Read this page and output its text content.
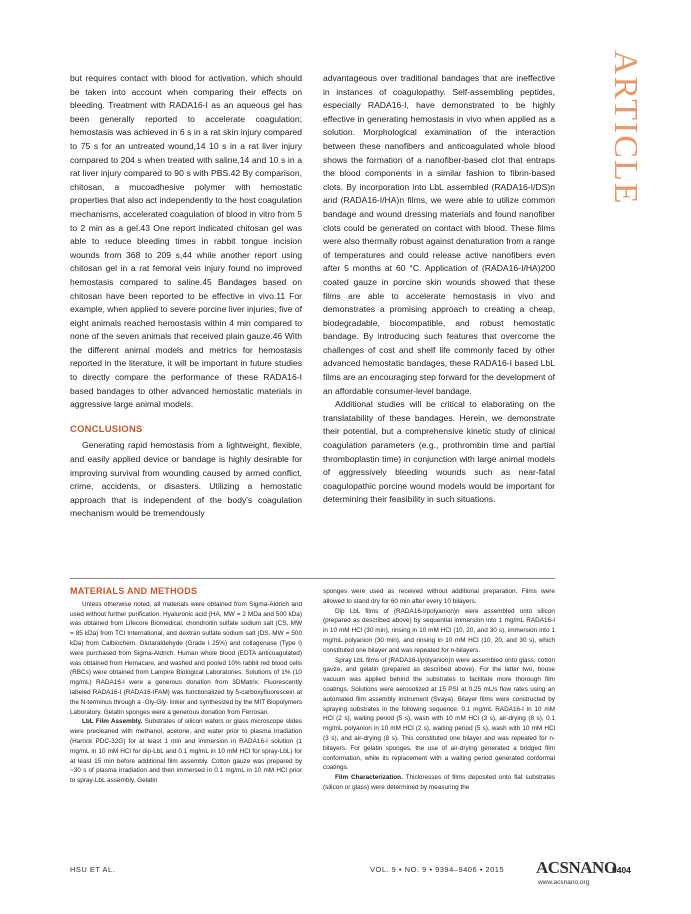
ARTICLE

but requires contact with blood for activation, which should be taken into account when comparing their effects on bleeding. Treatment with RADA16-I as an aqueous gel has been generally reported to accelerate coagulation; hemostasis was achieved in 6 s in a rat skin injury compared to 75 s for an untreated wound,14 10 s in a rat liver injury compared to 204 s when treated with saline,14 and 10 s in a rat liver injury compared to 90 s with PBS.42 By comparison, chitosan, a mucoadhesive polymer with hemostatic properties that also act independently to the host coagulation mechanisms, accelerated coagulation of blood in vitro from 5 to 2 min as a gel.43 One report indicated chitosan gel was able to reduce bleeding times in rabbit tongue incision wounds from 368 to 209 s,44 while another report using chitosan gel in a rat femoral vein injury found no improved hemostasis compared to saline.45 Bandages based on chitosan have been reported to be effective in vivo.11 For example, when applied to severe porcine liver injuries, five of eight animals reached hemostasis within 4 min compared to none of the seven animals that received plain gauze.46 With the different animal models and metrics for hemostasis reported in the literature, it will be important in future studies to directly compare the performance of these RADA16-I based bandages to other advanced hemostatic materials in aggressive large animal models.

CONCLUSIONS

Generating rapid hemostasis from a lightweight, flexible, and easily applied device or bandage is highly desirable for improving survival from wounding caused by armed conflict, crime, accidents, or disasters. Utilizing a hemostatic approach that is independent of the body's coagulation mechanism would be tremendously

advantageous over traditional bandages that are ineffective in instances of coagulopathy. Self-assembling peptides, especially RADA16-I, have demonstrated to be highly effective in generating hemostasis in vivo when applied as a solution. Morphological examination of the interaction between these nanofibers and anticoagulated whole blood shows the formation of a nanofiber-based clot that entraps the blood components in a similar fashion to fibrin-based clots. By incorporation into LbL assembled (RADA16-I/DS)n and (RADA16-I/HA)n films, we were able to utilize common bandage and wound dressing materials and found nanofiber clots could be generated on contact with blood. These films were also thermally robust against denaturation from a range of temperatures and could release active nanofibers even after 5 months at 60 °C. Application of (RADA16-I/HA)200 coated gauze in porcine skin wounds showed that these films are able to accelerate hemostasis in vivo and demonstrates a promising approach to creating a cheap, biodegradable, biocompatible, and robust hemostatic bandage. By introducing such features that overcome the challenges of cost and shelf life commonly faced by other advanced hemostatic bandages, these RADA16-I based LbL films are an encouraging step forward for the development of an affordable consumer-level bandage.

Additional studies will be critical to elaborating on the translatability of these bandages. Herein, we demonstrate their potential, but a comprehensive kinetic study of clinical coagulation parameters (e.g., prothrombin time and partial thromboplastin time) in conjunction with large animal models of aggressively bleeding wounds such as near-fatal coagulopathic porcine wound models would be important for determining their feasibility in such situations.

MATERIALS AND METHODS

Unless otherwise noted, all materials were obtained from Sigma-Aldrich and used without further purification. Hyaluronic acid (HA, MW = 2 MDa and 500 kDa) was obtained from Lifecore Biomedical, chondroitin sulfate sodium salt (CS, MW = 85 kDa) from TCI International, and dextran sulfate sodium salt (DS, MW = 500 kDa) from Calbiochem. Glutaraldehyde (Grade I 25%) and collagenase (Type I) were purchased from Sigma-Aldrich. Human whole blood (EDTA anticoagulated) was obtained from Hemacare, and washed and pooled 10% rabbit red blood cells (RBCs) were obtained from Lampire Biological Laboratories. Solutions of 1% (10 mg/mL) RADA16-I were a generous donation from 3DMatrix. Fluorescently labeled RADA16-I (RADA16-IFAM) was functionalized by 5-carboxyfluorescein at the N-terminus through a -Gly-Gly- linker and synthesized by the MIT Biopolymers Laboratory. Gelatin sponges were a generous donation from Ferrosan.

LbL Film Assembly. Substrates of silicon wafers or glass microscope slides were precleaned with methanol, acetone, and water prior to plasma irradiation (Harrick PDC-32G) for at least 1 min and immersion in RADA16-I solution (1 mg/mL in 10 mM HCl for dip-LbL and 0.1 mg/mL in 10 mM HCl for spray-LbL) for at least 15 min before additional film assembly. Cotton gauze was prepared by ~30 s of plasma irradiation and then immersed in 0.1 mg/mL in 10 mM HCl prior to spray-LbL assembly. Gelatin

sponges were used as received without additional preparation. Films were allowed to stand dry for 60 min after every 10 bilayers.

Dip LbL films of (RADA16-I/polyanion)n were assembled onto silicon (prepared as described above) by sequential immersion into 1 mg/mL RADA16-I in 10 mM HCl (30 min), rinsing in 10 mM HCl (10, 20, and 30 s), immersion into 1 mg/mL polyanion (30 min), and rinsing in 10 mM HCl (10, 20, and 30 s), which constituted one bilayer and was repeated for n-bilayers.

Spray LbL films of (RADA16-I/polyanion)n were assembled onto glass, cotton gauze, and gelatin (prepared as described above). For the latter two, house vacuum was applied behind the substrates to facilitate more thorough film coatings. Solutions were aerosolized at 15 PSI at 0.25 mL/s flow rates using an automated film assembly instrument (Svaya). Bilayer films were constructed by spraying substrates in the following sequence: 0.1 mg/mL RADA16-I in 10 mM HCl (2 s), waiting period (5 s), wash with 10 mM HCl (3 s), air-drying (8 s), 0.1 mg/mL polyanion in 10 mM HCl (2 s), waiting period (5 s), wash with 10 mM HCl (3 s), and air-drying (8 s). This constituted one bilayer and was repeated for n-bilayers. For gelatin sponges, the use of air-drying generated a bridged film conformation, while its replacement with a waiting period generated conformal coatings.

Film Characterization. Thicknesses of films deposited onto flat substrates (silicon or glass) were determined by measuring the

HSU ET AL.	VOL. 9 ▪ NO. 9 ▪ 9394–9406 ▪ 2015 ACSNANO
9404
www.acsnano.org
